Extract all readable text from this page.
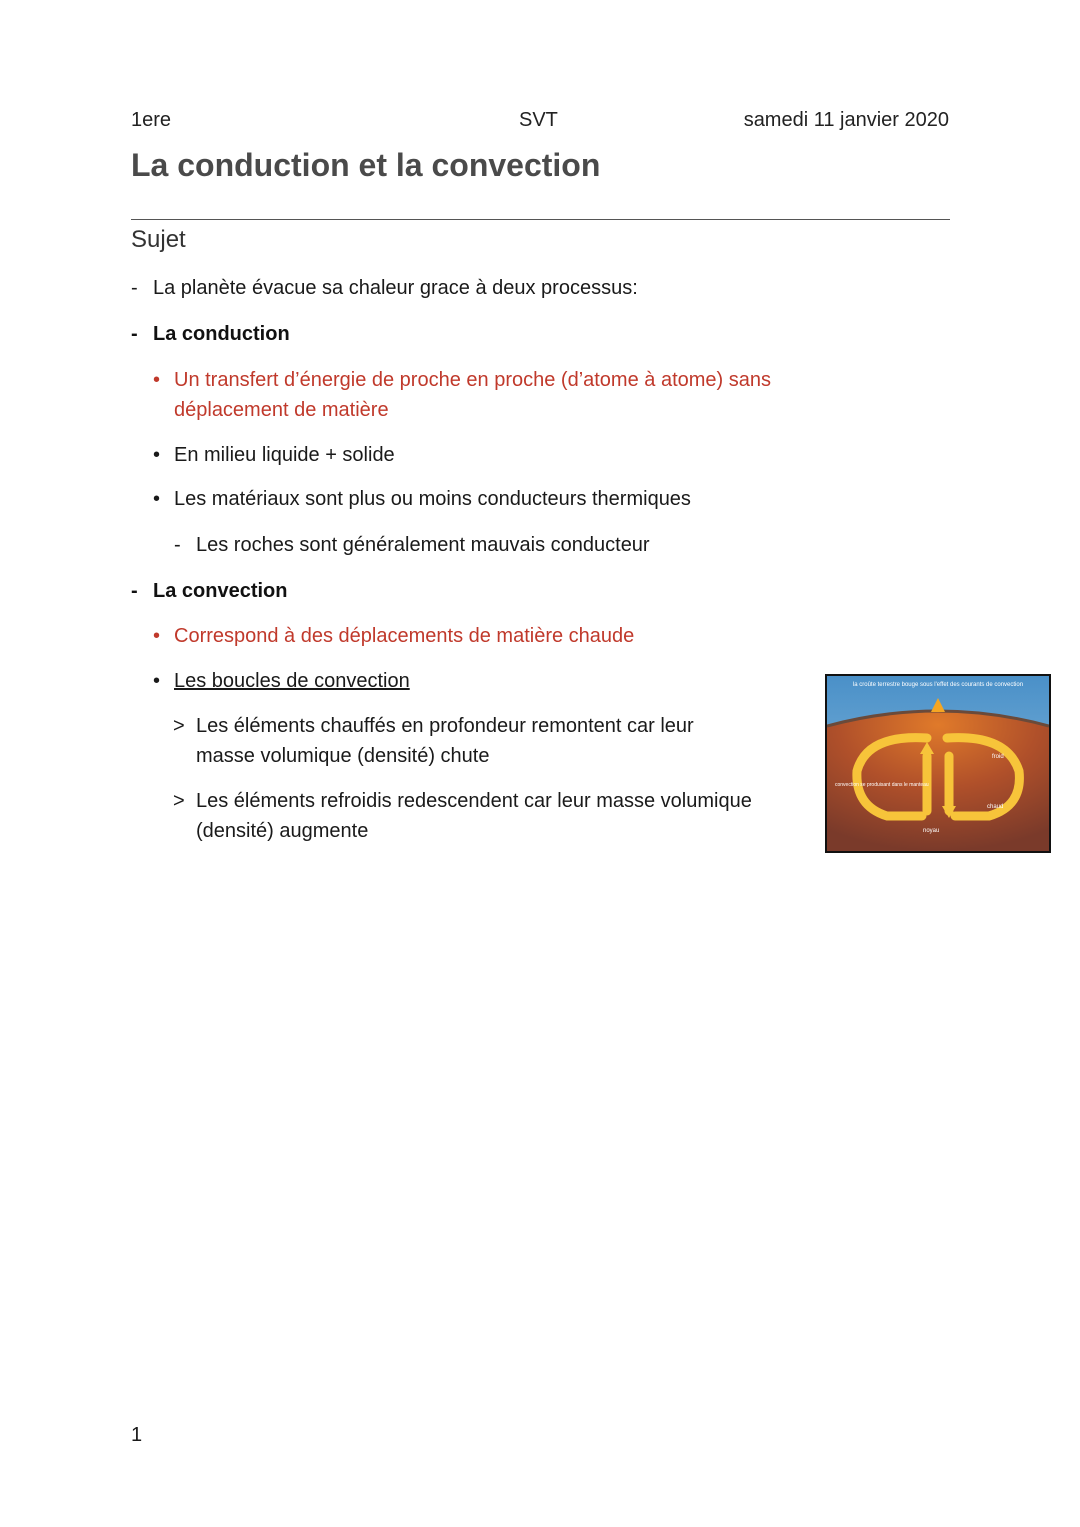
1ere	SVT	samedi 11 janvier 2020
La conduction et la convection
Sujet
- La planète évacue sa chaleur grace à deux processus:
- La conduction
• Un transfert d’énergie de proche en proche (d’atome à atome) sans
déplacement de matière
• En milieu liquide + solide
• Les matériaux sont plus ou moins conducteurs thermiques
- Les roches sont généralement mauvais conducteur
- La convection
• Correspond à des déplacements de matière chaude
• Les boucles de convection
> Les éléments chauffés en profondeur remontent car leur
masse volumique (densité) chute
> Les éléments refroidis redescendent car leur masse volumique
(densité) augmente
la croûte terrestre bouge sous l'effet des courants de convection
froid
chaud
convection se produisant dans le manteau
noyau
1
